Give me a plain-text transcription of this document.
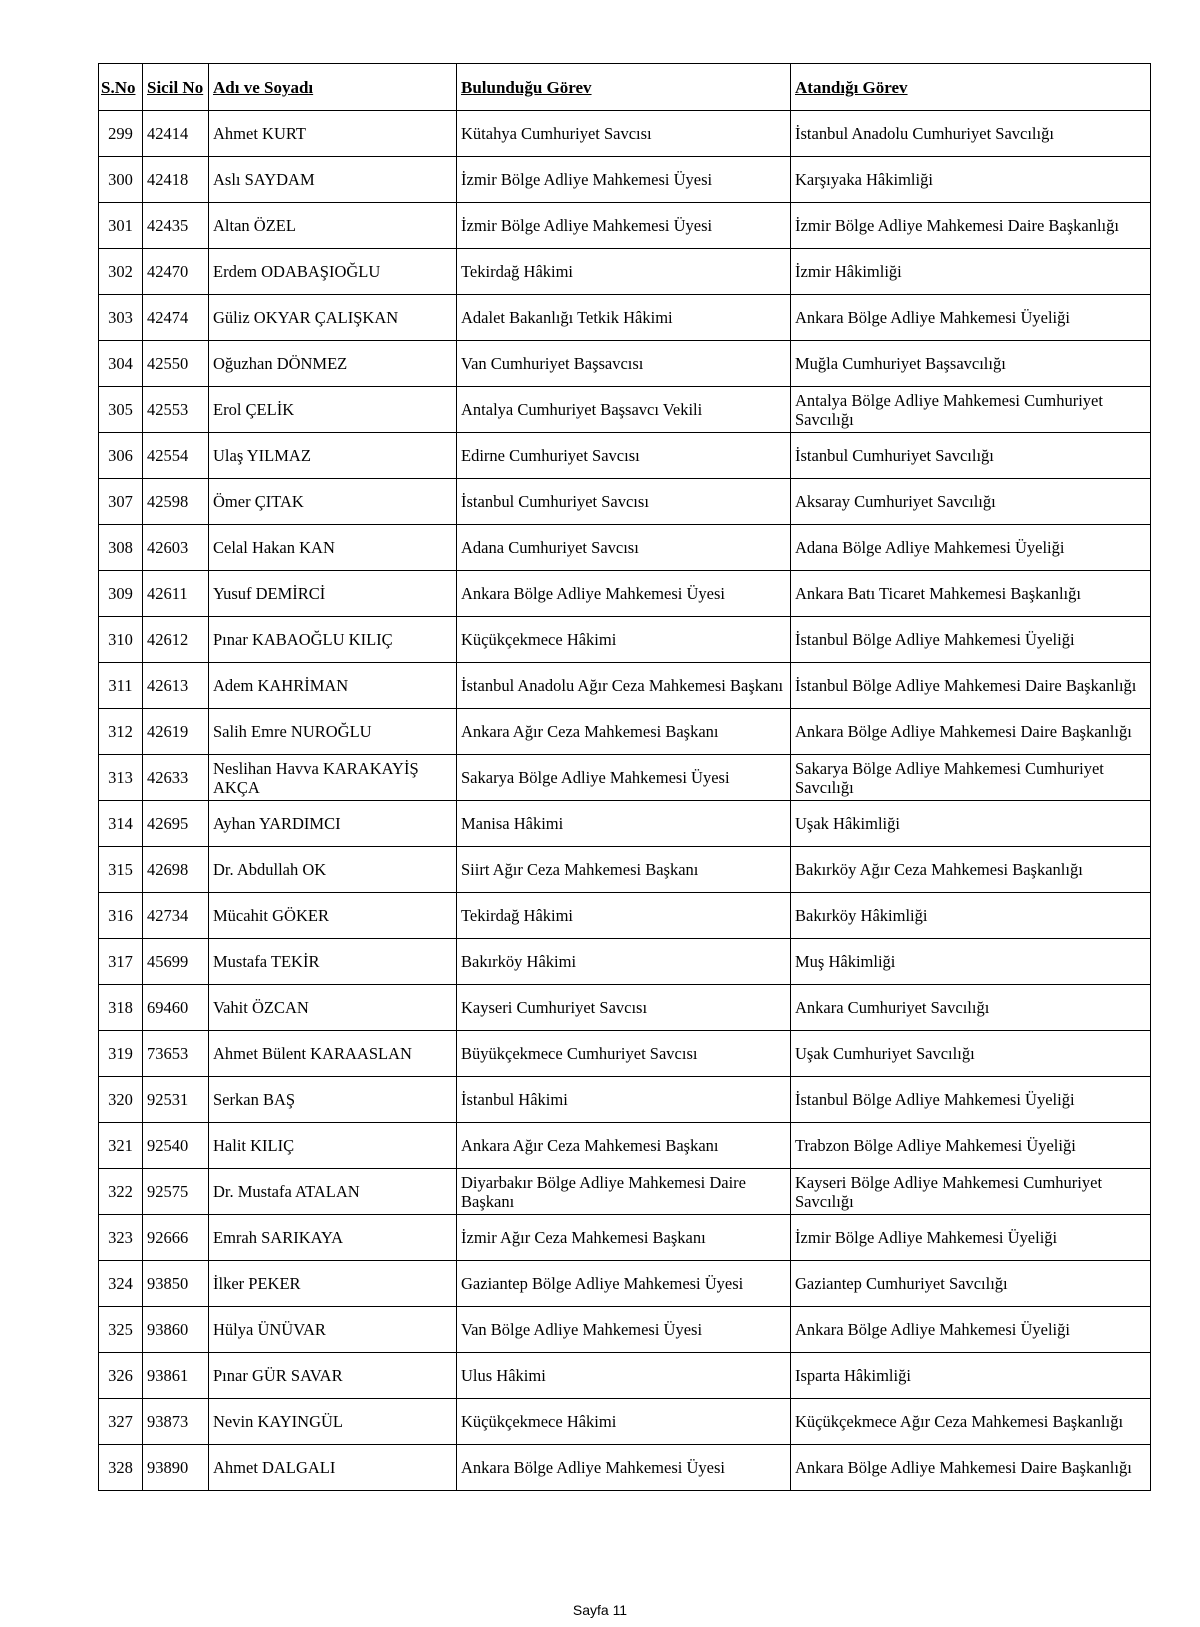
S.No	Sicil No	Adı ve Soyadı	Bulunduğu Görev	Atandığı Görev
299	42414	Ahmet KURT	Kütahya Cumhuriyet Savcısı	İstanbul Anadolu Cumhuriyet Savcılığı
300	42418	Aslı SAYDAM	İzmir Bölge Adliye Mahkemesi Üyesi	Karşıyaka Hâkimliği
301	42435	Altan ÖZEL	İzmir Bölge Adliye Mahkemesi Üyesi	İzmir Bölge Adliye Mahkemesi Daire Başkanlığı
302	42470	Erdem ODABAŞIOĞLU	Tekirdağ Hâkimi	İzmir Hâkimliği
303	42474	Güliz OKYAR ÇALIŞKAN	Adalet Bakanlığı Tetkik Hâkimi	Ankara Bölge Adliye Mahkemesi Üyeliği
304	42550	Oğuzhan DÖNMEZ	Van Cumhuriyet Başsavcısı	Muğla Cumhuriyet Başsavcılığı
305	42553	Erol ÇELİK	Antalya Cumhuriyet Başsavcı Vekili	Antalya Bölge Adliye Mahkemesi Cumhuriyet Savcılığı
306	42554	Ulaş YILMAZ	Edirne Cumhuriyet Savcısı	İstanbul Cumhuriyet Savcılığı
307	42598	Ömer ÇITAK	İstanbul Cumhuriyet Savcısı	Aksaray Cumhuriyet Savcılığı
308	42603	Celal Hakan KAN	Adana Cumhuriyet Savcısı	Adana Bölge Adliye Mahkemesi Üyeliği
309	42611	Yusuf DEMİRCİ	Ankara Bölge Adliye Mahkemesi Üyesi	Ankara Batı Ticaret Mahkemesi Başkanlığı
310	42612	Pınar KABAOĞLU KILIÇ	Küçükçekmece Hâkimi	İstanbul Bölge Adliye Mahkemesi Üyeliği
311	42613	Adem KAHRİMAN	İstanbul Anadolu Ağır Ceza Mahkemesi Başkanı	İstanbul Bölge Adliye Mahkemesi Daire Başkanlığı
312	42619	Salih Emre NUROĞLU	Ankara Ağır Ceza Mahkemesi Başkanı	Ankara Bölge Adliye Mahkemesi Daire Başkanlığı
313	42633	Neslihan Havva KARAKAYİŞ AKÇA	Sakarya Bölge Adliye Mahkemesi Üyesi	Sakarya Bölge Adliye Mahkemesi Cumhuriyet Savcılığı
314	42695	Ayhan YARDIMCI	Manisa Hâkimi	Uşak Hâkimliği
315	42698	Dr. Abdullah OK	Siirt Ağır Ceza Mahkemesi Başkanı	Bakırköy Ağır Ceza Mahkemesi Başkanlığı
316	42734	Mücahit GÖKER	Tekirdağ Hâkimi	Bakırköy Hâkimliği
317	45699	Mustafa TEKİR	Bakırköy Hâkimi	Muş Hâkimliği
318	69460	Vahit ÖZCAN	Kayseri Cumhuriyet Savcısı	Ankara Cumhuriyet Savcılığı
319	73653	Ahmet Bülent KARAASLAN	Büyükçekmece Cumhuriyet Savcısı	Uşak Cumhuriyet Savcılığı
320	92531	Serkan BAŞ	İstanbul Hâkimi	İstanbul Bölge Adliye Mahkemesi Üyeliği
321	92540	Halit KILIÇ	Ankara Ağır Ceza Mahkemesi Başkanı	Trabzon Bölge Adliye Mahkemesi Üyeliği
322	92575	Dr. Mustafa ATALAN	Diyarbakır Bölge Adliye Mahkemesi Daire Başkanı	Kayseri Bölge Adliye Mahkemesi Cumhuriyet Savcılığı
323	92666	Emrah SARIKAYA	İzmir Ağır Ceza Mahkemesi Başkanı	İzmir Bölge Adliye Mahkemesi Üyeliği
324	93850	İlker PEKER	Gaziantep Bölge Adliye Mahkemesi Üyesi	Gaziantep Cumhuriyet Savcılığı
325	93860	Hülya ÜNÜVAR	Van Bölge Adliye Mahkemesi Üyesi	Ankara Bölge Adliye Mahkemesi Üyeliği
326	93861	Pınar GÜR SAVAR	Ulus Hâkimi	Isparta Hâkimliği
327	93873	Nevin KAYINGÜL	Küçükçekmece Hâkimi	Küçükçekmece Ağır Ceza Mahkemesi Başkanlığı
328	93890	Ahmet DALGALI	Ankara Bölge Adliye Mahkemesi Üyesi	Ankara Bölge Adliye Mahkemesi Daire Başkanlığı
Sayfa 11
